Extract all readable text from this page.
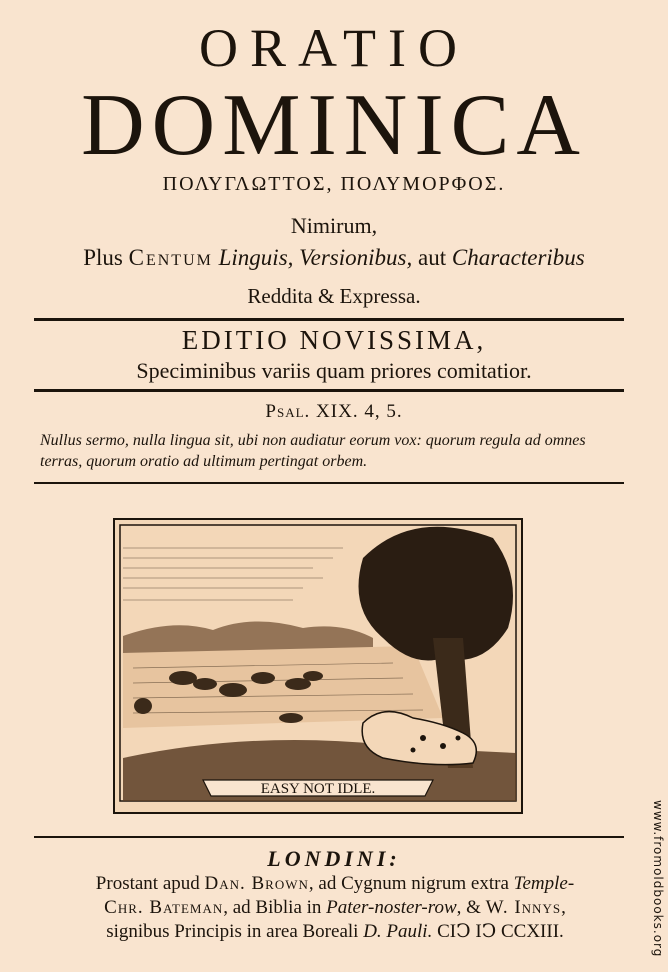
ORATIO
DOMINICA
ΠΟΛΥΓΛΩΤΤΟΣ, ΠΟΛΥΜΟΡΦΟΣ.
Nimirum,
Plus Centum Linguis, Versionibus, aut Characteribus
Reddita & Expressa.
EDITIO NOVISSIMA,
Speciminibus variis quam priores comitatior.
Psal. XIX. 4, 5.
Nullus sermo, nulla lingua sit, ubi non audiatur eorum vox: quorum regula ad omnes terras, quorum oratio ad ultimum pertingat orbem.
EASY NOT IDLE.
LONDINI:
Prostant apud Dan. Brown, ad Cygnum nigrum extra Temple-
Chr. Bateman, ad Biblia in Pater-noster-row, & W. Innys,
signibus Principis in area Boreali D. Pauli. CIↃ IↃ CCXIII.	www.fromoldbooks.org
